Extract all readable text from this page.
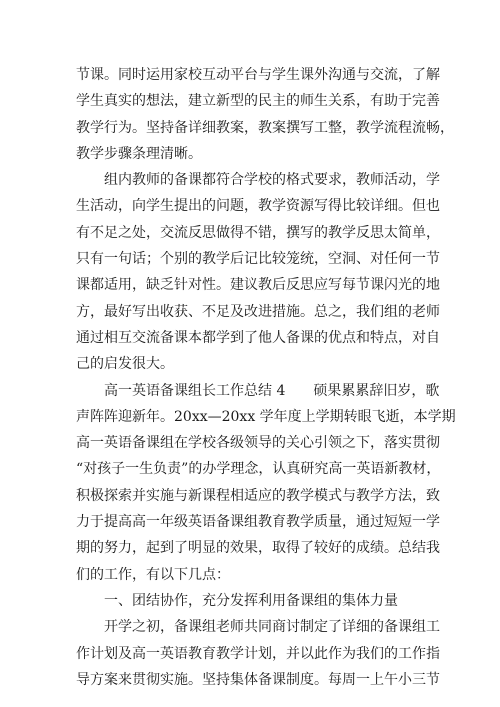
节课。同时运用家校互动平台与学生课外沟通与交流，了解
学生真实的想法，建立新型的民主的师生关系，有助于完善
教学行为。坚持备详细教案，教案撰写工整，教学流程流畅，
教学步骤条理清晰。
　　组内教师的备课都符合学校的格式要求，教师活动，学
生活动，向学生提出的问题，教学资源写得比较详细。但也
有不足之处，交流反思做得不错，撰写的教学反思太简单，
只有一句话；个别的教学后记比较笼统，空洞、对任何一节
课都适用，缺乏针对性。建议教后反思应写每节课闪光的地
方，最好写出收获、不足及改进措施。总之，我们组的老师
通过相互交流备课本都学到了他人备课的优点和特点，对自
己的启发很大。
　　高一英语备课组长工作总结 4　　硕果累累辞旧岁，歌
声阵阵迎新年。20xx—20xx 学年度上学期转眼飞逝，本学期
高一英语备课组在学校各级领导的关心引领之下，落实贯彻
“对孩子一生负责”的办学理念，认真研究高一英语新教材，
积极探索并实施与新课程相适应的教学模式与教学方法，致
力于提高高一年级英语备课组教育教学质量，通过短短一学
期的努力，起到了明显的效果，取得了较好的成绩。总结我
们的工作，有以下几点：
　　一、团结协作，充分发挥利用备课组的集体力量
　　开学之初，备课组老师共同商讨制定了详细的备课组工
作计划及高一英语教育教学计划，并以此作为我们的工作指
导方案来贯彻实施。坚持集体备课制度。每周一上午小三节
